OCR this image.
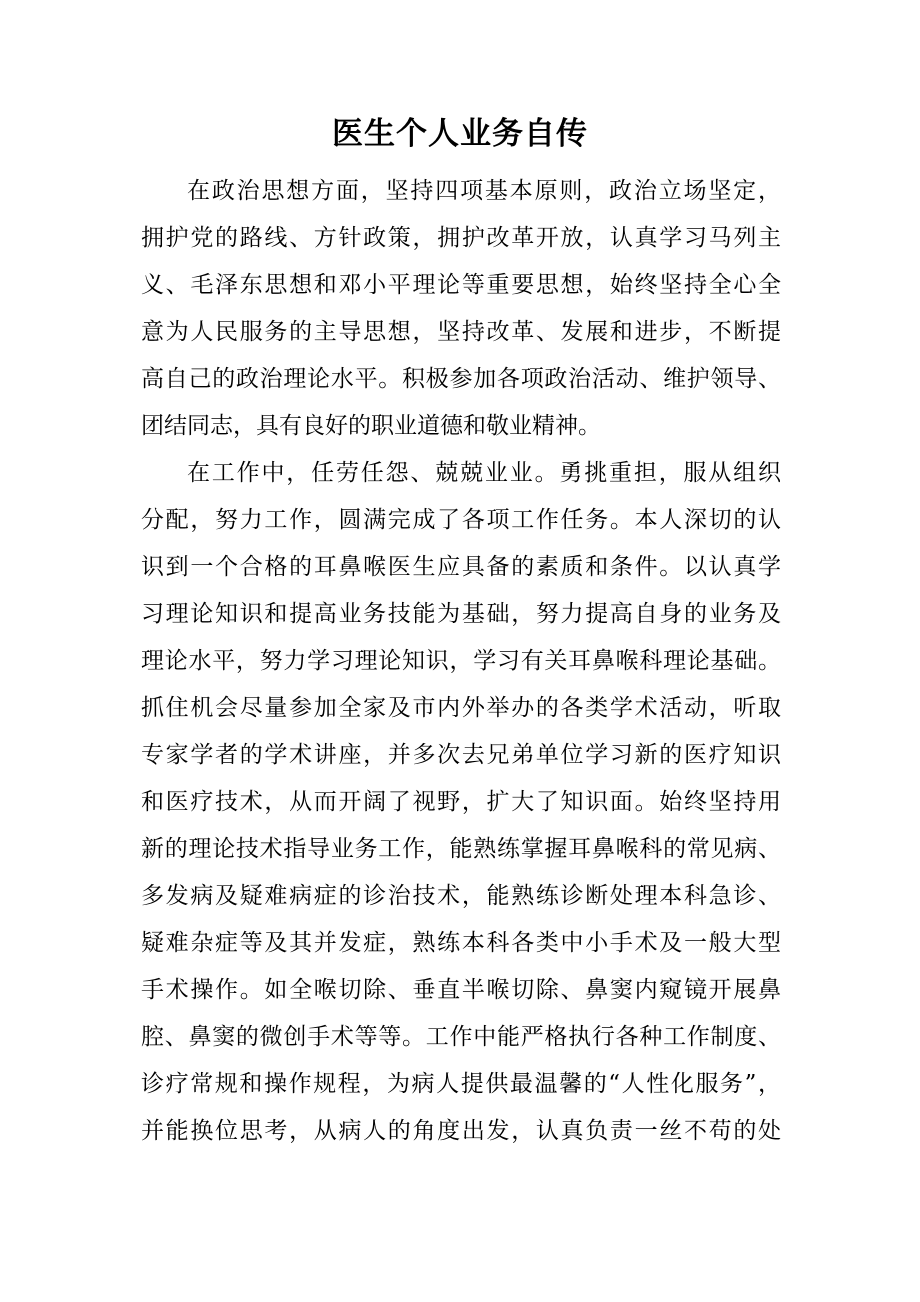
医生个人业务自传
在政治思想方面，坚持四项基本原则，政治立场坚定，
拥护党的路线、方针政策，拥护改革开放，认真学习马列主
义、毛泽东思想和邓小平理论等重要思想，始终坚持全心全
意为人民服务的主导思想，坚持改革、发展和进步，不断提
高自己的政治理论水平。积极参加各项政治活动、维护领导、
团结同志，具有良好的职业道德和敬业精神。
在工作中，任劳任怨、兢兢业业。勇挑重担，服从组织
分配，努力工作，圆满完成了各项工作任务。本人深切的认
识到一个合格的耳鼻喉医生应具备的素质和条件。以认真学
习理论知识和提高业务技能为基础，努力提高自身的业务及
理论水平，努力学习理论知识，学习有关耳鼻喉科理论基础。
抓住机会尽量参加全家及市内外举办的各类学术活动，听取
专家学者的学术讲座，并多次去兄弟单位学习新的医疗知识
和医疗技术，从而开阔了视野，扩大了知识面。始终坚持用
新的理论技术指导业务工作，能熟练掌握耳鼻喉科的常见病、
多发病及疑难病症的诊治技术，能熟练诊断处理本科急诊、
疑难杂症等及其并发症，熟练本科各类中小手术及一般大型
手术操作。如全喉切除、垂直半喉切除、鼻窦内窥镜开展鼻
腔、鼻窦的微创手术等等。工作中能严格执行各种工作制度、
诊疗常规和操作规程，为病人提供最温馨的“人性化服务”，
并能换位思考，从病人的角度出发，认真负责一丝不苟的处
